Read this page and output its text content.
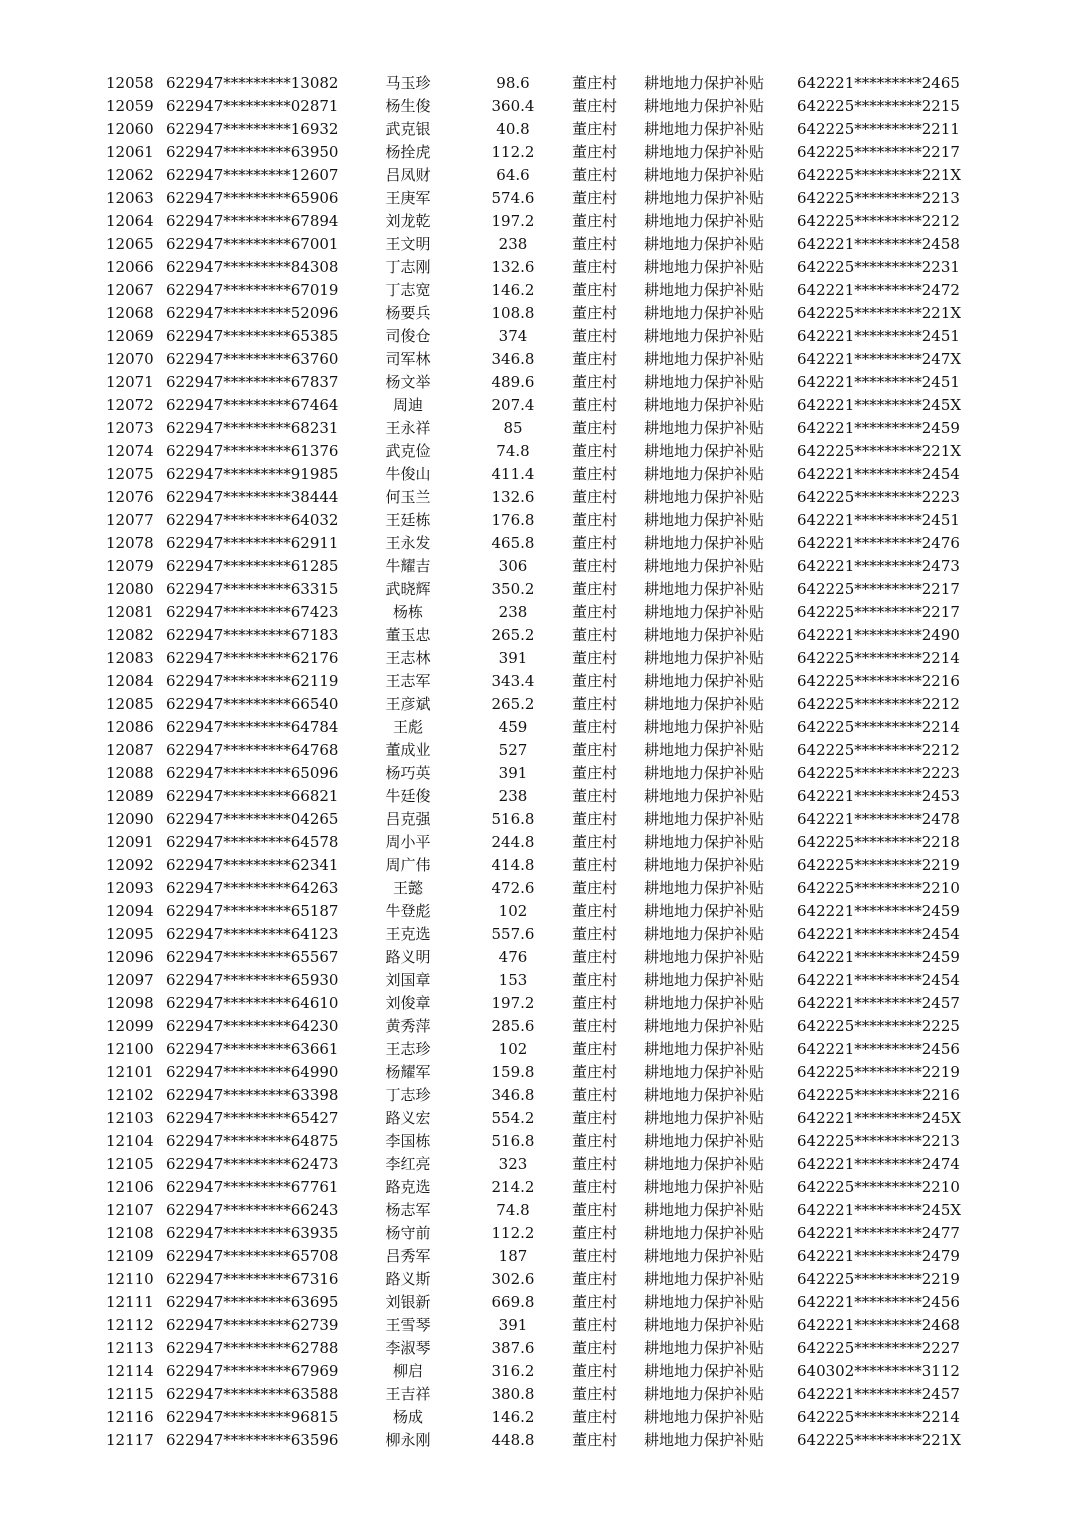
12058 622947*********13082	马玉珍	98.6	董庄村	耕地地力保护补贴	642221*********2465
12059 622947*********02871	杨生俊	360.4	董庄村	耕地地力保护补贴	642225*********2215
12060 622947*********16932	武克银	40.8	董庄村	耕地地力保护补贴	642225*********2211
12061 622947*********63950	杨拴虎	112.2	董庄村	耕地地力保护补贴	642225*********2217
12062 622947*********12607	吕凤财	64.6	董庄村	耕地地力保护补贴	642225*********221X
12063 622947*********65906	王庚军	574.6	董庄村	耕地地力保护补贴	642225*********2213
12064 622947*********67894	刘龙乾	197.2	董庄村	耕地地力保护补贴	642225*********2212
12065 622947*********67001	王文明	238	董庄村	耕地地力保护补贴	642221*********2458
12066 622947*********84308	丁志刚	132.6	董庄村	耕地地力保护补贴	642225*********2231
12067 622947*********67019	丁志宽	146.2	董庄村	耕地地力保护补贴	642221*********2472
12068 622947*********52096	杨要兵	108.8	董庄村	耕地地力保护补贴	642225*********221X
12069 622947*********65385	司俊仓	374	董庄村	耕地地力保护补贴	642221*********2451
12070 622947*********63760	司军林	346.8	董庄村	耕地地力保护补贴	642221*********247X
12071 622947*********67837	杨文举	489.6	董庄村	耕地地力保护补贴	642221*********2451
12072 622947*********67464	周迪	207.4	董庄村	耕地地力保护补贴	642221*********245X
12073 622947*********68231	王永祥	85	董庄村	耕地地力保护补贴	642221*********2459
12074 622947*********61376	武克俭	74.8	董庄村	耕地地力保护补贴	642225*********221X
12075 622947*********91985	牛俊山	411.4	董庄村	耕地地力保护补贴	642221*********2454
12076 622947*********38444	何玉兰	132.6	董庄村	耕地地力保护补贴	642225*********2223
12077 622947*********64032	王廷栋	176.8	董庄村	耕地地力保护补贴	642221*********2451
12078 622947*********62911	王永发	465.8	董庄村	耕地地力保护补贴	642221*********2476
12079 622947*********61285	牛耀吉	306	董庄村	耕地地力保护补贴	642221*********2473
12080 622947*********63315	武晓辉	350.2	董庄村	耕地地力保护补贴	642225*********2217
12081 622947*********67423	杨栋	238	董庄村	耕地地力保护补贴	642225*********2217
12082 622947*********67183	董玉忠	265.2	董庄村	耕地地力保护补贴	642221*********2490
12083 622947*********62176	王志林	391	董庄村	耕地地力保护补贴	642225*********2214
12084 622947*********62119	王志军	343.4	董庄村	耕地地力保护补贴	642225*********2216
12085 622947*********66540	王彦斌	265.2	董庄村	耕地地力保护补贴	642225*********2212
12086 622947*********64784	王彪	459	董庄村	耕地地力保护补贴	642225*********2214
12087 622947*********64768	董成业	527	董庄村	耕地地力保护补贴	642225*********2212
12088 622947*********65096	杨巧英	391	董庄村	耕地地力保护补贴	642225*********2223
12089 622947*********66821	牛廷俊	238	董庄村	耕地地力保护补贴	642221*********2453
12090 622947*********04265	吕克强	516.8	董庄村	耕地地力保护补贴	642221*********2478
12091 622947*********64578	周小平	244.8	董庄村	耕地地力保护补贴	642225*********2218
12092 622947*********62341	周广伟	414.8	董庄村	耕地地力保护补贴	642225*********2219
12093 622947*********64263	王懿	472.6	董庄村	耕地地力保护补贴	642225*********2210
12094 622947*********65187	牛登彪	102	董庄村	耕地地力保护补贴	642221*********2459
12095 622947*********64123	王克选	557.6	董庄村	耕地地力保护补贴	642221*********2454
12096 622947*********65567	路义明	476	董庄村	耕地地力保护补贴	642221*********2459
12097 622947*********65930	刘国章	153	董庄村	耕地地力保护补贴	642221*********2454
12098 622947*********64610	刘俊章	197.2	董庄村	耕地地力保护补贴	642221*********2457
12099 622947*********64230	黄秀萍	285.6	董庄村	耕地地力保护补贴	642225*********2225
12100 622947*********63661	王志珍	102	董庄村	耕地地力保护补贴	642221*********2456
12101 622947*********64990	杨耀军	159.8	董庄村	耕地地力保护补贴	642225*********2219
12102 622947*********63398	丁志珍	346.8	董庄村	耕地地力保护补贴	642225*********2216
12103 622947*********65427	路义宏	554.2	董庄村	耕地地力保护补贴	642221*********245X
12104 622947*********64875	李国栋	516.8	董庄村	耕地地力保护补贴	642225*********2213
12105 622947*********62473	李红亮	323	董庄村	耕地地力保护补贴	642221*********2474
12106 622947*********67761	路克选	214.2	董庄村	耕地地力保护补贴	642225*********2210
12107 622947*********66243	杨志军	74.8	董庄村	耕地地力保护补贴	642221*********245X
12108 622947*********63935	杨守前	112.2	董庄村	耕地地力保护补贴	642221*********2477
12109 622947*********65708	吕秀军	187	董庄村	耕地地力保护补贴	642221*********2479
12110 622947*********67316	路义斯	302.6	董庄村	耕地地力保护补贴	642225*********2219
12111 622947*********63695	刘银新	669.8	董庄村	耕地地力保护补贴	642221*********2456
12112 622947*********62739	王雪琴	391	董庄村	耕地地力保护补贴	642221*********2468
12113 622947*********62788	李淑琴	387.6	董庄村	耕地地力保护补贴	642225*********2227
12114 622947*********67969	柳启	316.2	董庄村	耕地地力保护补贴	640302*********3112
12115 622947*********63588	王吉祥	380.8	董庄村	耕地地力保护补贴	642221*********2457
12116 622947*********96815	杨成	146.2	董庄村	耕地地力保护补贴	642225*********2214
12117 622947*********63596	柳永刚	448.8	董庄村	耕地地力保护补贴	642225*********221X
